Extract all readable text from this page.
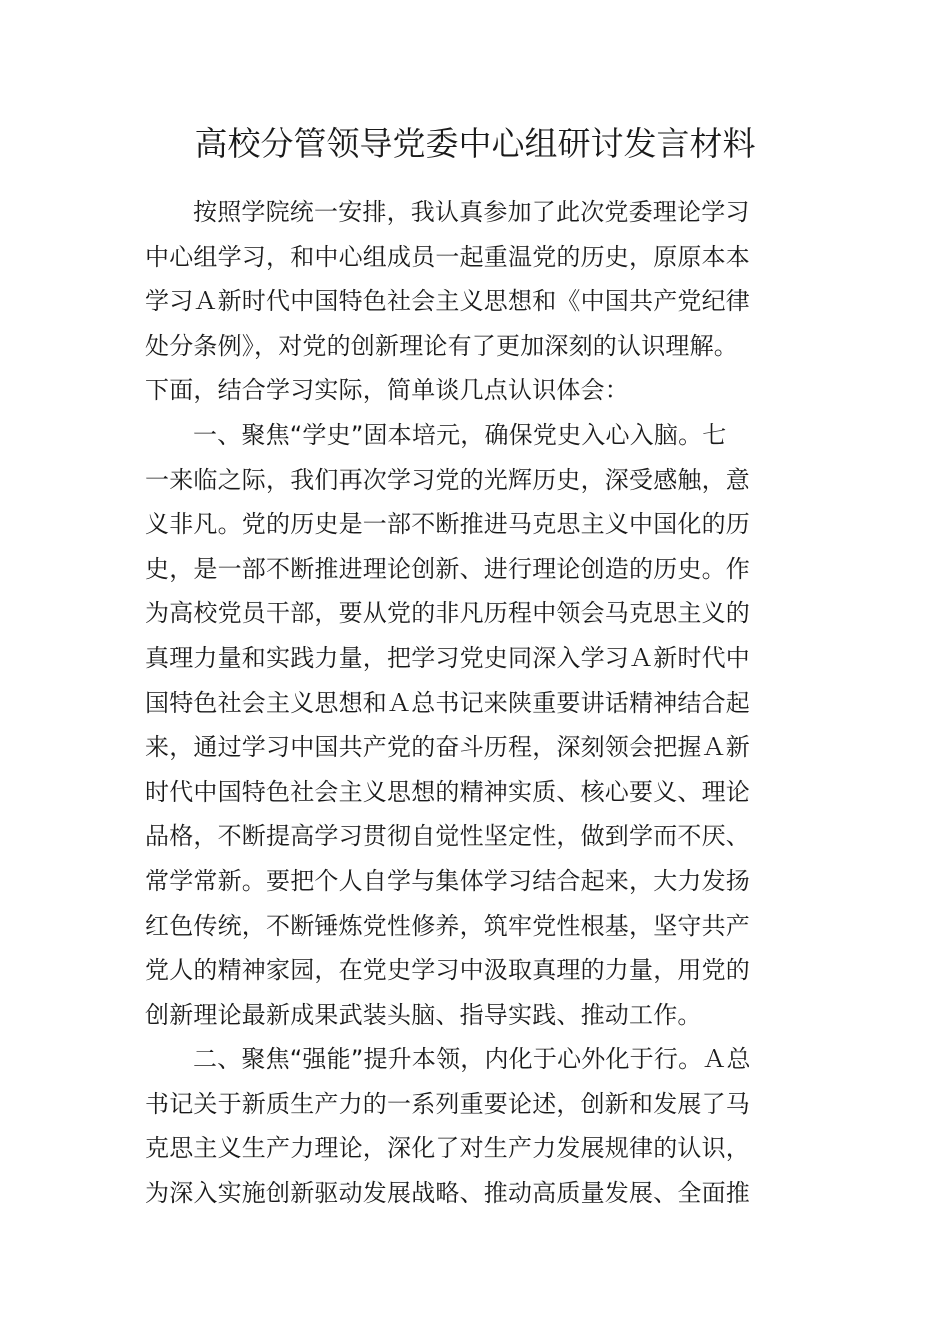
高校分管领导党委中心组研讨发言材料
按照学院统一安排，我认真参加了此次党委理论学习
中心组学习，和中心组成员一起重温党的历史，原原本本
学习Ａ新时代中国特色社会主义思想和《中国共产党纪律
处分条例》，对党的创新理论有了更加深刻的认识理解。
下面，结合学习实际，简单谈几点认识体会：
一、聚焦“学史”固本培元，确保党史入心入脑。七
一来临之际，我们再次学习党的光辉历史，深受感触，意
义非凡。党的历史是一部不断推进马克思主义中国化的历
史，是一部不断推进理论创新、进行理论创造的历史。作
为高校党员干部，要从党的非凡历程中领会马克思主义的
真理力量和实践力量，把学习党史同深入学习Ａ新时代中
国特色社会主义思想和Ａ总书记来陕重要讲话精神结合起
来，通过学习中国共产党的奋斗历程，深刻领会把握Ａ新
时代中国特色社会主义思想的精神实质、核心要义、理论
品格，不断提高学习贯彻自觉性坚定性，做到学而不厌、
常学常新。要把个人自学与集体学习结合起来，大力发扬
红色传统，不断锤炼党性修养，筑牢党性根基，坚守共产
党人的精神家园，在党史学习中汲取真理的力量，用党的
创新理论最新成果武装头脑、指导实践、推动工作。
二、聚焦“强能”提升本领，内化于心外化于行。Ａ总
书记关于新质生产力的一系列重要论述，创新和发展了马
克思主义生产力理论，深化了对生产力发展规律的认识，
为深入实施创新驱动发展战略、推动高质量发展、全面推
